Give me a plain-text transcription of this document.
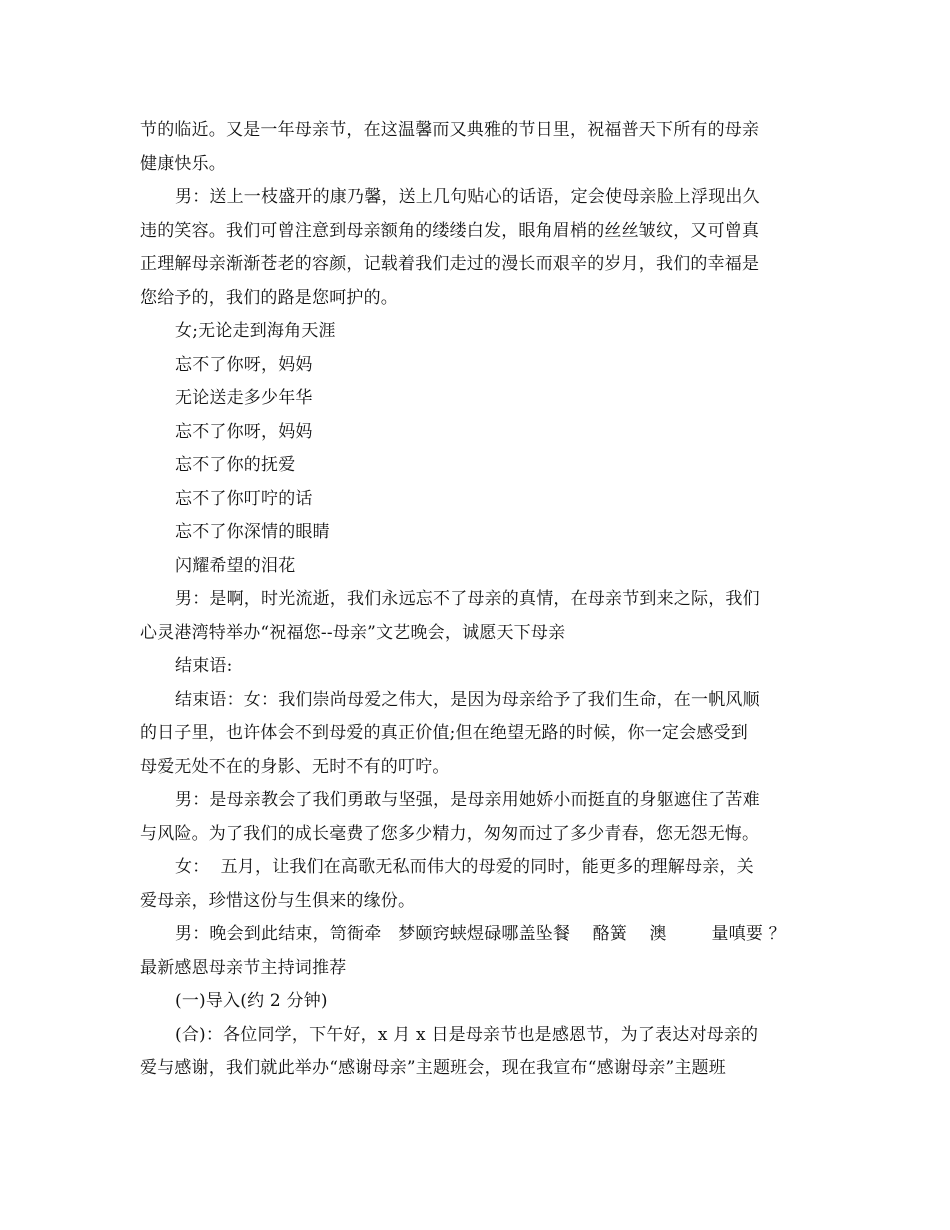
节的临近。又是一年母亲节，在这温馨而又典雅的节日里，祝福普天下所有的母亲
健康快乐。
男：送上一枝盛开的康乃馨，送上几句贴心的话语，定会使母亲脸上浮现出久
违的笑容。我们可曾注意到母亲额角的缕缕白发，眼角眉梢的丝丝皱纹，又可曾真
正理解母亲渐渐苍老的容颜，记载着我们走过的漫长而艰辛的岁月，我们的幸福是
您给予的，我们的路是您呵护的。
女;无论走到海角天涯
忘不了你呀，妈妈
无论送走多少年华
忘不了你呀，妈妈
忘不了你的抚爱
忘不了你叮咛的话
忘不了你深情的眼睛
闪耀希望的泪花
男：是啊，时光流逝，我们永远忘不了母亲的真情，在母亲节到来之际，我们
心灵港湾特举办“祝福您--母亲”文艺晚会，诚愿天下母亲
结束语:
结束语：女：我们崇尚母爱之伟大，是因为母亲给予了我们生命，在一帆风顺
的日子里，也许体会不到母爱的真正价值;但在绝望无路的时候，你一定会感受到
母爱无处不在的身影、无时不有的叮咛。
男：是母亲教会了我们勇敢与坚强，是母亲用她娇小而挺直的身躯遮住了苦难
与风险。为了我们的成长毫费了您多少精力，匆匆而过了多少青春，您无怨无悔。
女：  五月，让我们在高歌无私而伟大的母爱的同时，能更多的理解母亲，关
爱母亲，珍惜这份与生俱来的缘份。
男：晚会到此结束，笥衙牵   梦颐窍蛱煜碌哪盖坠餐    酪簧    澳        量嗔要 ？
最新感恩母亲节主持词推荐
(一)导入(约 2 分钟)
(合)：各位同学，下午好，x 月 x 日是母亲节也是感恩节，为了表达对母亲的
爱与感谢，我们就此举办“感谢母亲”主题班会，现在我宣布“感谢母亲”主题班
